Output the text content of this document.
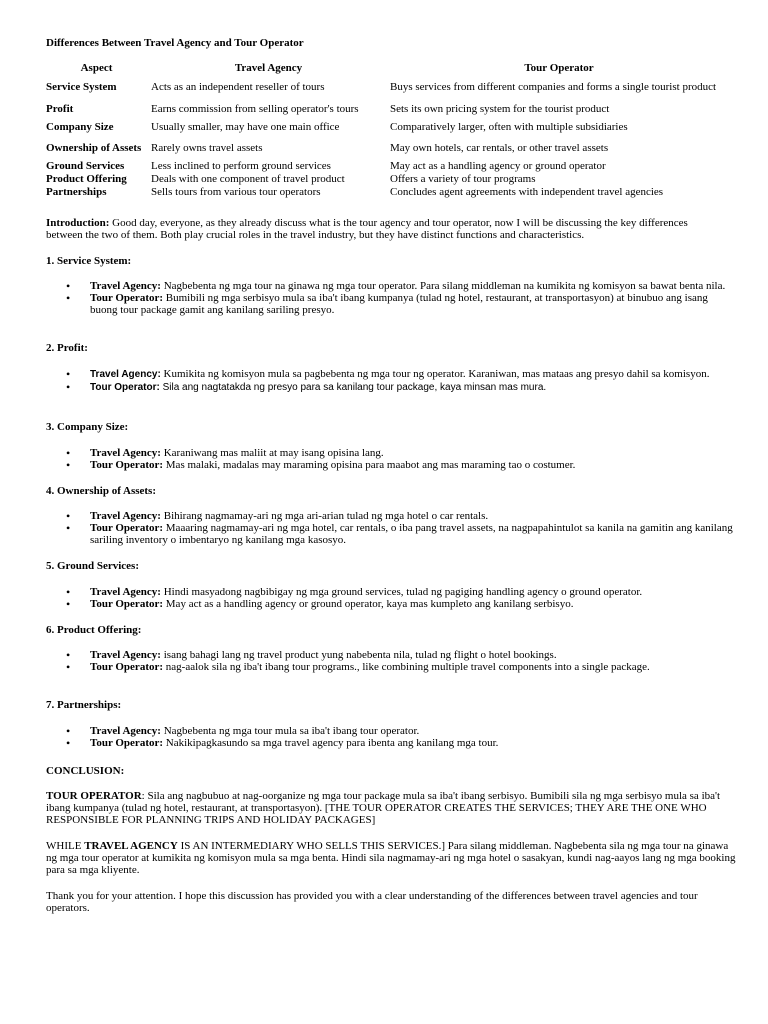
Differences Between Travel Agency and Tour Operator
Aspect	Travel Agency	Tour Operator
Service System	Acts as an independent reseller of tours	Buys services from different companies and forms a single tourist product
Profit	Earns commission from selling operator's tours	Sets its own pricing system for the tourist product
Company Size	Usually smaller, may have one main office	Comparatively larger, often with multiple subsidiaries
Ownership of Assets	Rarely owns travel assets	May own hotels, car rentals, or other travel assets
Ground Services	Less inclined to perform ground services	May act as a handling agency or ground operator
Product Offering	Deals with one component of travel product	Offers a variety of tour programs
Partnerships	Sells tours from various tour operators	Concludes agent agreements with independent travel agencies
Introduction: Good day, everyone, as they already discuss what is the tour agency and tour operator, now I will be discussing the key differences between the two of them. Both play crucial roles in the travel industry, but they have distinct functions and characteristics.
1. Service System:
• Travel Agency: Nagbebenta ng mga tour na ginawa ng mga tour operator. Para silang middleman na kumikita ng komisyon sa bawat benta nila.
• Tour Operator: Bumibili ng mga serbisyo mula sa iba't ibang kumpanya (tulad ng hotel, restaurant, at transportasyon) at binubuo ang isang buong tour package gamit ang kanilang sariling presyo.
2. Profit:
• Travel Agency: Kumikita ng komisyon mula sa pagbebenta ng mga tour ng operator. Karaniwan, mas mataas ang presyo dahil sa komisyon.
• Tour Operator: Sila ang nagtatakda ng presyo para sa kanilang tour package, kaya minsan mas mura.
3. Company Size:
• Travel Agency: Karaniwang mas maliit at may isang opisina lang.
• Tour Operator: Mas malaki, madalas may maraming opisina para maabot ang mas maraming tao o costumer.
4. Ownership of Assets:
• Travel Agency: Bihirang nagmamay-ari ng mga ari-arian tulad ng mga hotel o car rentals.
• Tour Operator: Maaaring nagmamay-ari ng mga hotel, car rentals, o iba pang travel assets, na nagpapahintulot sa kanila na gamitin ang kanilang sariling inventory o imbentaryo ng kanilang mga kasosyo.
5. Ground Services:
• Travel Agency: Hindi masyadong nagbibigay ng mga ground services, tulad ng pagiging handling agency o ground operator.
• Tour Operator: May act as a handling agency or ground operator, kaya mas kumpleto ang kanilang serbisyo.
6. Product Offering:
• Travel Agency: isang bahagi lang ng travel product yung nabebenta nila, tulad ng flight o hotel bookings.
• Tour Operator: nag-aalok sila ng iba't ibang tour programs., like combining multiple travel components into a single package.
7. Partnerships:
• Travel Agency: Nagbebenta ng mga tour mula sa iba't ibang tour operator.
• Tour Operator: Nakikipagkasundo sa mga travel agency para ibenta ang kanilang mga tour.
CONCLUSION:
TOUR OPERATOR: Sila ang nagbubuo at nag-oorganize ng mga tour package mula sa iba't ibang serbisyo. Bumibili sila ng mga serbisyo mula sa iba't ibang kumpanya (tulad ng hotel, restaurant, at transportasyon). [THE TOUR OPERATOR CREATES THE SERVICES; THEY ARE THE ONE WHO RESPONSIBLE FOR PLANNING TRIPS AND HOLIDAY PACKAGES]
WHILE TRAVEL AGENCY IS AN INTERMEDIARY WHO SELLS THIS SERVICES.] Para silang middleman. Nagbebenta sila ng mga tour na ginawa ng mga tour operator at kumikita ng komisyon mula sa mga benta. Hindi sila nagmamay-ari ng mga hotel o sasakyan, kundi nag-aayos lang ng mga booking para sa mga kliyente.
Thank you for your attention. I hope this discussion has provided you with a clear understanding of the differences between travel agencies and tour operators.
